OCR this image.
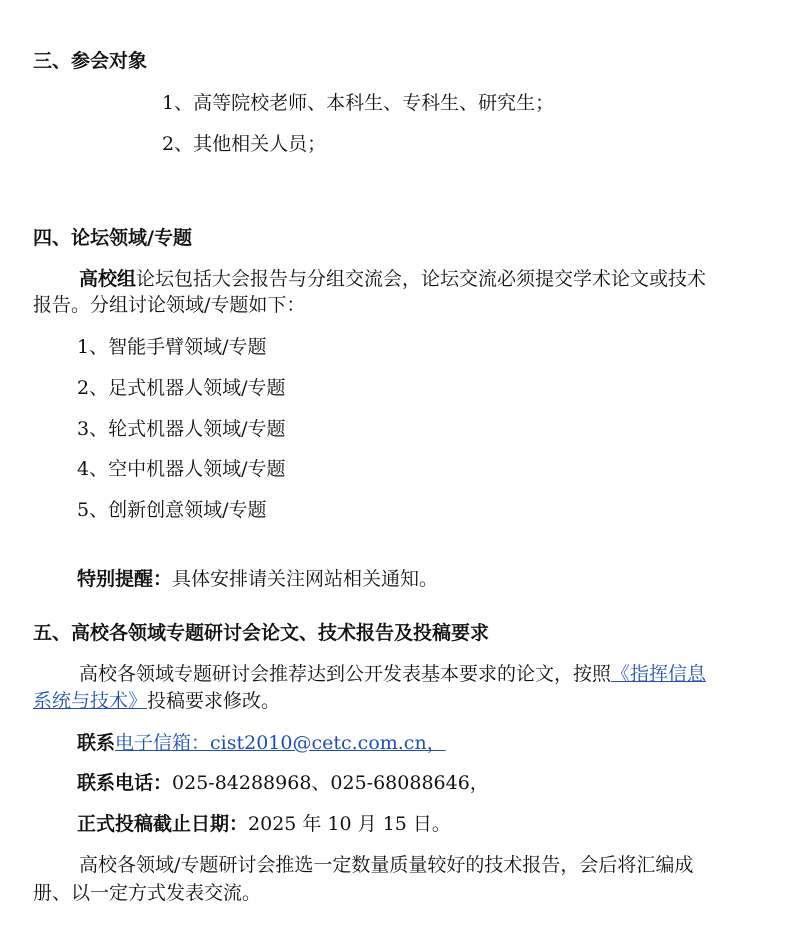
三、参会对象
1、高等院校老师、本科生、专科生、研究生；
2、其他相关人员；
四、论坛领域/专题
高校组论坛包括大会报告与分组交流会，论坛交流必须提交学术论文或技术
报告。分组讨论领域/专题如下：
1、智能手臂领域/专题
2、足式机器人领域/专题
3、轮式机器人领域/专题
4、空中机器人领域/专题
5、创新创意领域/专题
特别提醒：具体安排请关注网站相关通知。
五、高校各领域专题研讨会论文、技术报告及投稿要求
高校各领域专题研讨会推荐达到公开发表基本要求的论文，按照《指挥信息
系统与技术》投稿要求修改。
联系电子信箱：cist2010@cetc.com.cn，
联系电话：025-84288968、025-68088646，
正式投稿截止日期：2025 年 10 月 15 日。
高校各领域/专题研讨会推选一定数量质量较好的技术报告，会后将汇编成
册、以一定方式发表交流。
